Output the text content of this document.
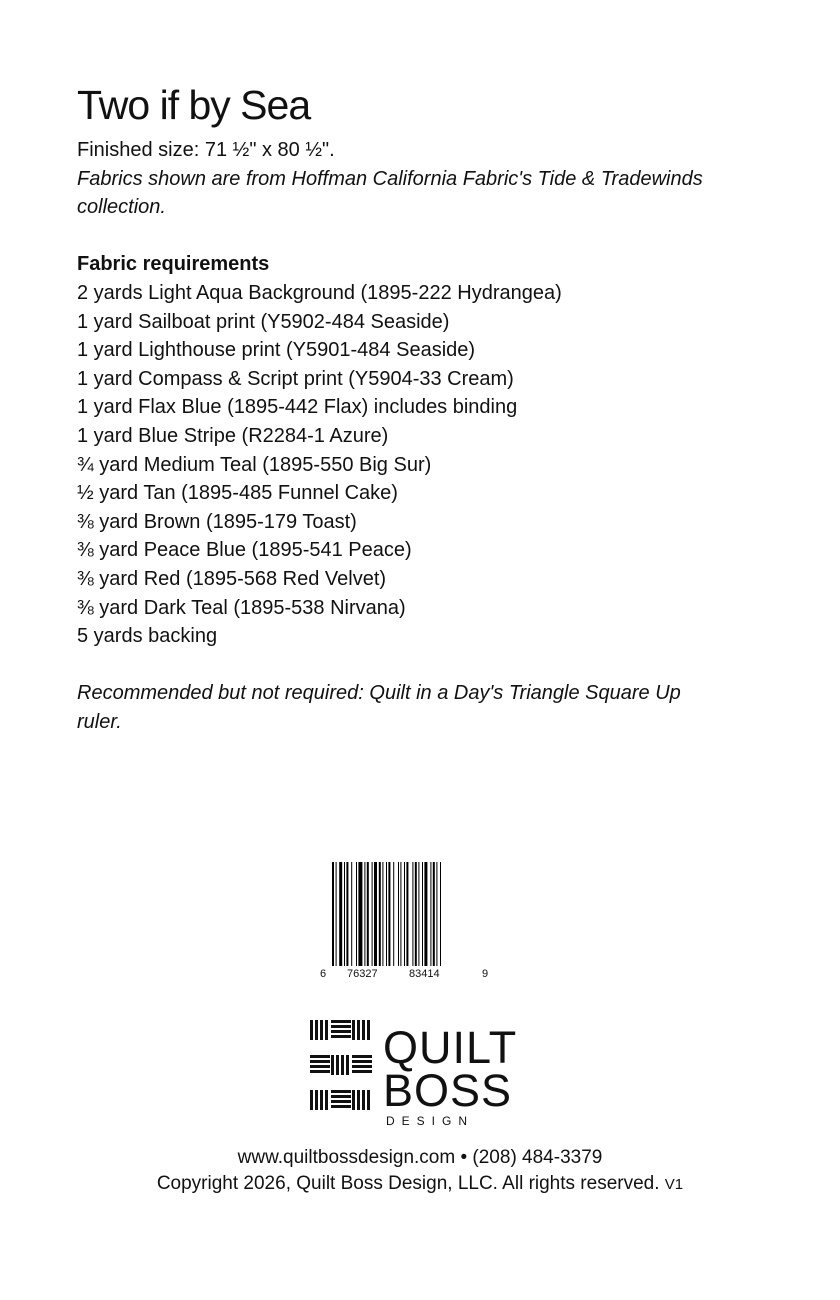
Two if by Sea

Finished size: 71 ½" x 80 ½".

Fabrics shown are from Hoffman California Fabric's Tide & Tradewinds

collection.

Fabric requirements

2 yards Light Aqua Background (1895-222 Hydrangea)
1 yard Sailboat print (Y5902-484 Seaside)
1 yard Lighthouse print (Y5901-484 Seaside)
1 yard Compass & Script print (Y5904-33 Cream)
1 yard Flax Blue (1895-442 Flax) includes binding
1 yard Blue Stripe (R2284-1 Azure)
¾ yard Medium Teal (1895-550 Big Sur)
½ yard Tan (1895-485 Funnel Cake)
⅜ yard Brown (1895-179 Toast)
⅜ yard Peace Blue (1895-541 Peace)
⅜ yard Red (1895-568 Red Velvet)
⅜ yard Dark Teal (1895-538 Nirvana)
5 yards backing

Recommended but not required: Quilt in a Day's Triangle Square Up

ruler.

6 76327	83414	9
QUILT
BOSS
DESIGN
www.quiltbossdesign.com • (208) 484-3379
Copyright 2026, Quilt Boss Design, LLC. All rights reserved. V1
